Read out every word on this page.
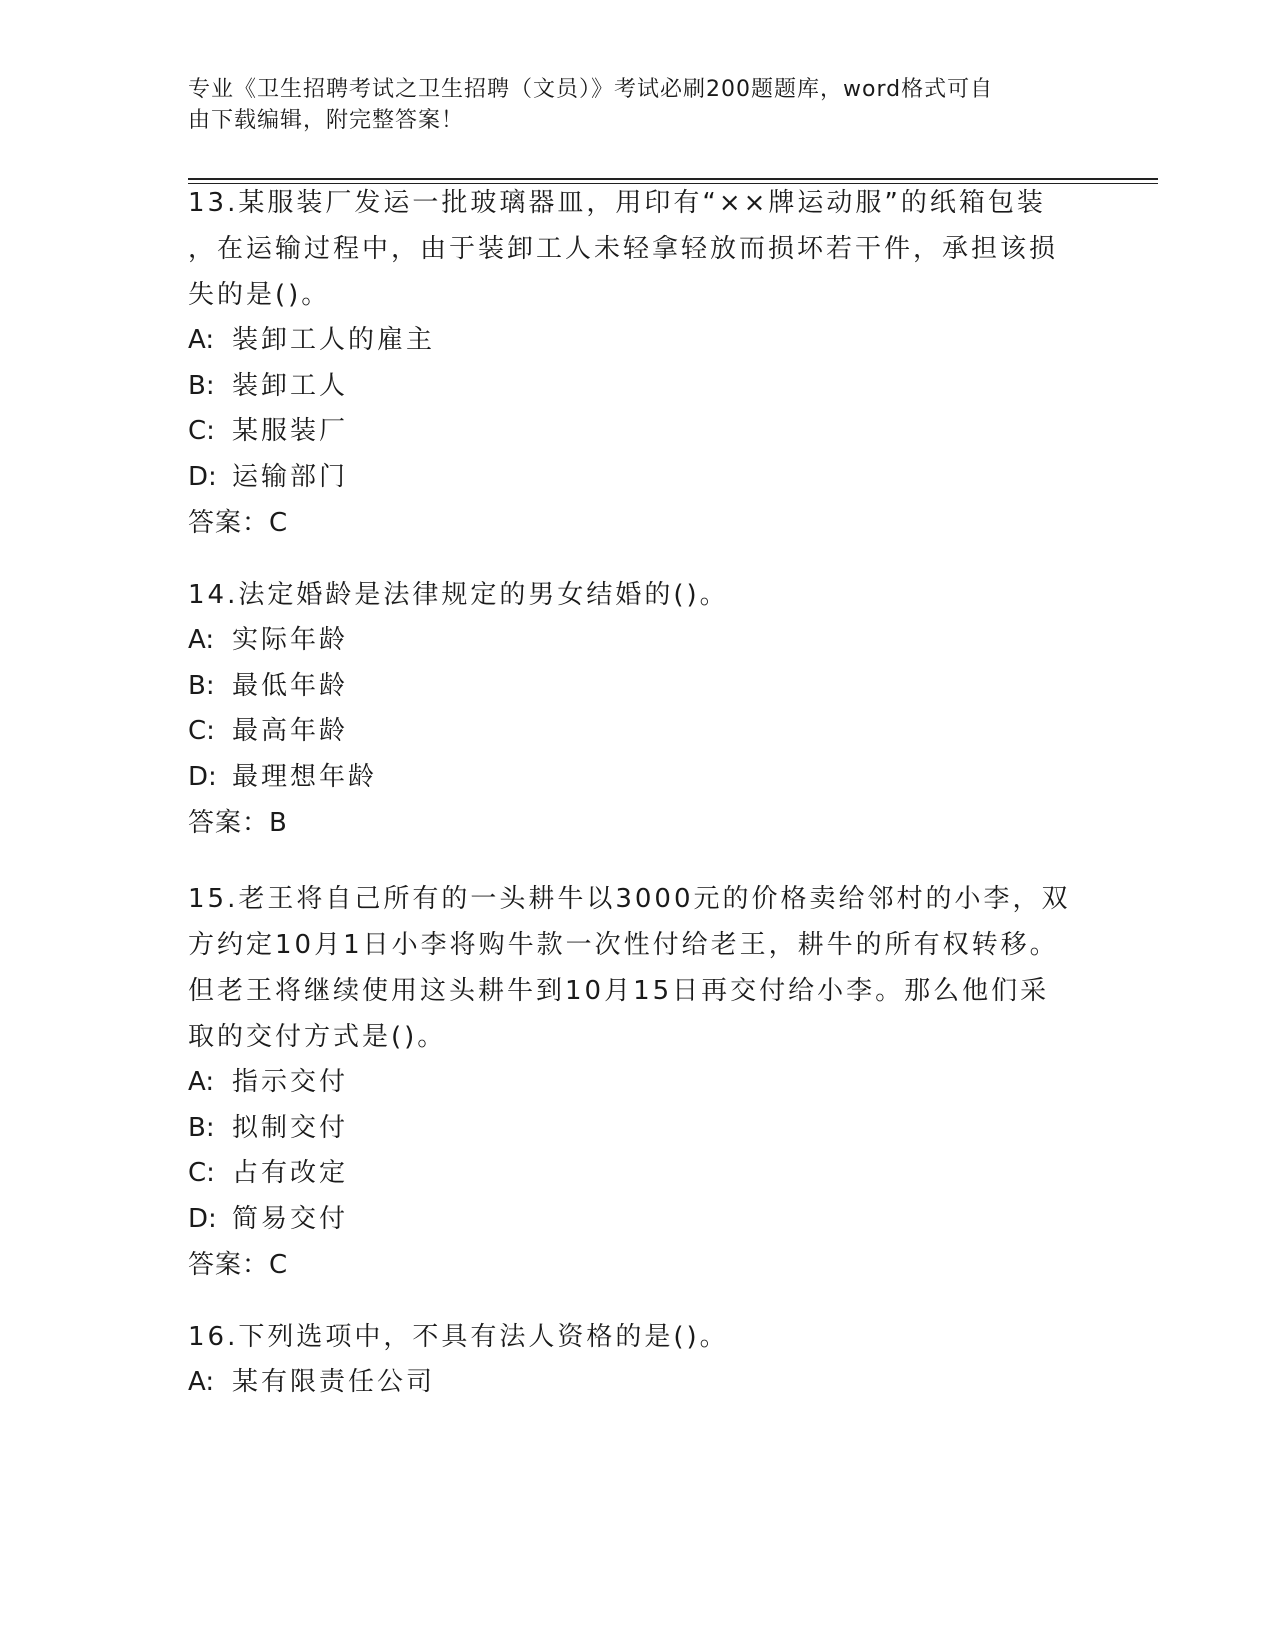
专业《卫生招聘考试之卫生招聘（文员）》考试必刷200题题库，word格式可自
由下载编辑，附完整答案！

13.某服装厂发运一批玻璃器皿，用印有“××牌运动服”的纸箱包装

，在运输过程中，由于装卸工人未轻拿轻放而损坏若干件，承担该损

失的是()。

A: 装卸工人的雇主

B: 装卸工人

C: 某服装厂

D: 运输部门

答案：C

14.法定婚龄是法律规定的男女结婚的()。

A: 实际年龄

B: 最低年龄

C: 最高年龄

D: 最理想年龄

答案：B

15.老王将自己所有的一头耕牛以3000元的价格卖给邻村的小李，双

方约定10月1日小李将购牛款一次性付给老王，耕牛的所有权转移。

但老王将继续使用这头耕牛到10月15日再交付给小李。那么他们采

取的交付方式是()。

A: 指示交付

B: 拟制交付

C: 占有改定

D: 简易交付

答案：C

16.下列选项中，不具有法人资格的是()。

A: 某有限责任公司
